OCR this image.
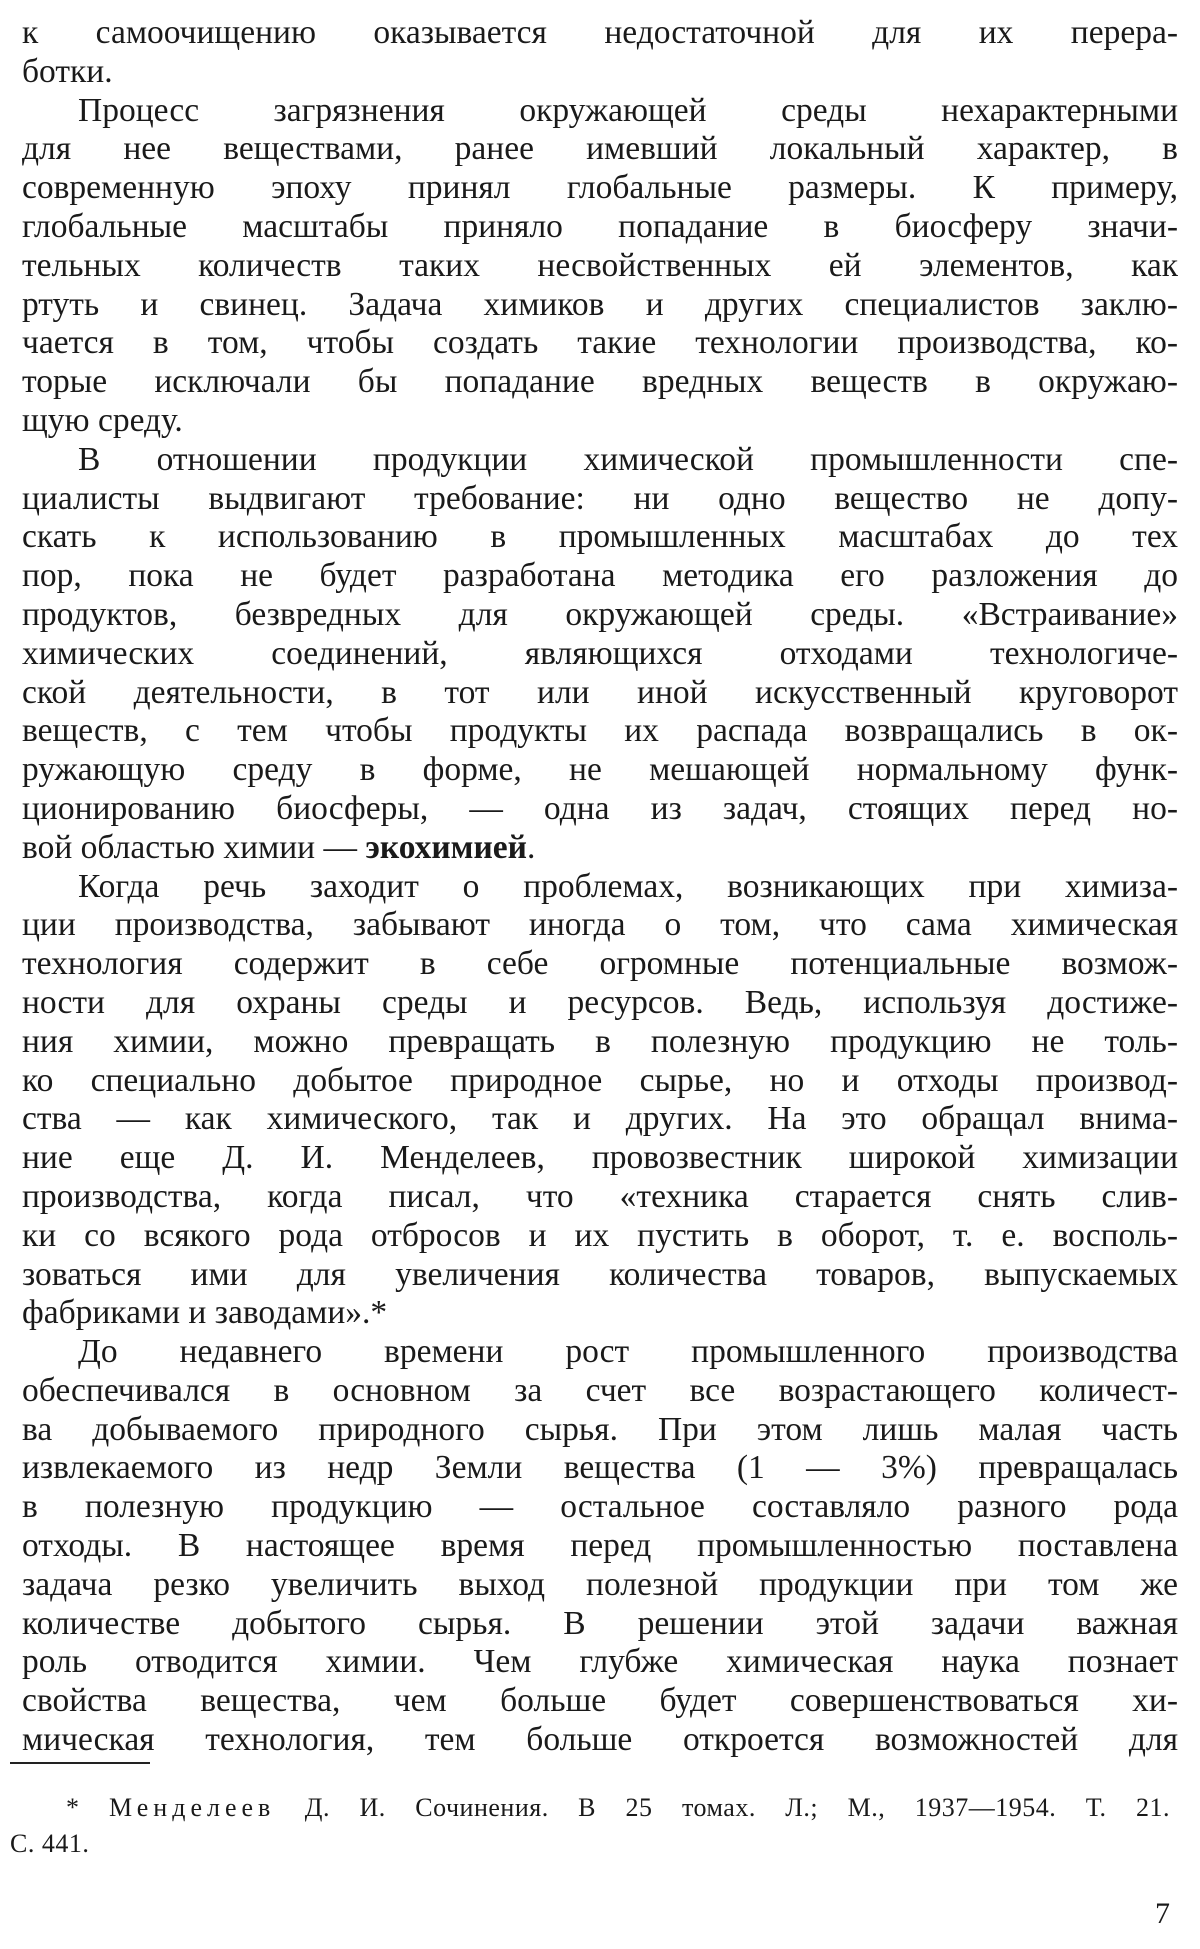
к самоочищению оказывается недостаточной для их перера-
ботки.

Процесс загрязнения окружающей среды нехарактерными
для нее веществами, ранее имевший локальный характер, в
современную эпоху принял глобальные размеры. К примеру,
глобальные масштабы приняло попадание в биосферу значи-
тельных количеств таких несвойственных ей элементов, как
ртуть и свинец. Задача химиков и других специалистов заклю-
чается в том, чтобы создать такие технологии производства, ко-
торые исключали бы попадание вредных веществ в окружаю-
щую среду.

В отношении продукции химической промышленности спе-
циалисты выдвигают требование: ни одно вещество не допу-
скать к использованию в промышленных масштабах до тех
пор, пока не будет разработана методика его разложения до
продуктов, безвредных для окружающей среды. «Встраивание»
химических соединений, являющихся отходами технологиче-
ской деятельности, в тот или иной искусственный круговорот
веществ, с тем чтобы продукты их распада возвращались в ок-
ружающую среду в форме, не мешающей нормальному функ-
ционированию биосферы, — одна из задач, стоящих перед но-
вой областью химии — экохимией.

Когда речь заходит о проблемах, возникающих при химиза-
ции производства, забывают иногда о том, что сама химическая
технология содержит в себе огромные потенциальные возмож-
ности для охраны среды и ресурсов. Ведь, используя достиже-
ния химии, можно превращать в полезную продукцию не толь-
ко специально добытое природное сырье, но и отходы производ-
ства — как химического, так и других. На это обращал внима-
ние еще Д. И. Менделеев, провозвестник широкой химизации
производства, когда писал, что «техника старается снять слив-
ки со всякого рода отбросов и их пустить в оборот, т. е. восполь-
зоваться ими для увеличения количества товаров, выпускаемых
фабриками и заводами».*

До недавнего времени рост промышленного производства
обеспечивался в основном за счет все возрастающего количест-
ва добываемого природного сырья. При этом лишь малая часть
извлекаемого из недр Земли вещества (1 — 3%) превращалась
в полезную продукцию — остальное составляло разного рода
отходы. В настоящее время перед промышленностью поставлена
задача резко увеличить выход полезной продукции при том же
количестве добытого сырья. В решении этой задачи важная
роль отводится химии. Чем глубже химическая наука познает
свойства вещества, чем больше будет совершенствоваться хи-
мическая технология, тем больше откроется возможностей для

* Менделеев Д. И. Сочинения. В 25 томах. Л.; М., 1937—1954. Т. 21.
С. 441.
7
